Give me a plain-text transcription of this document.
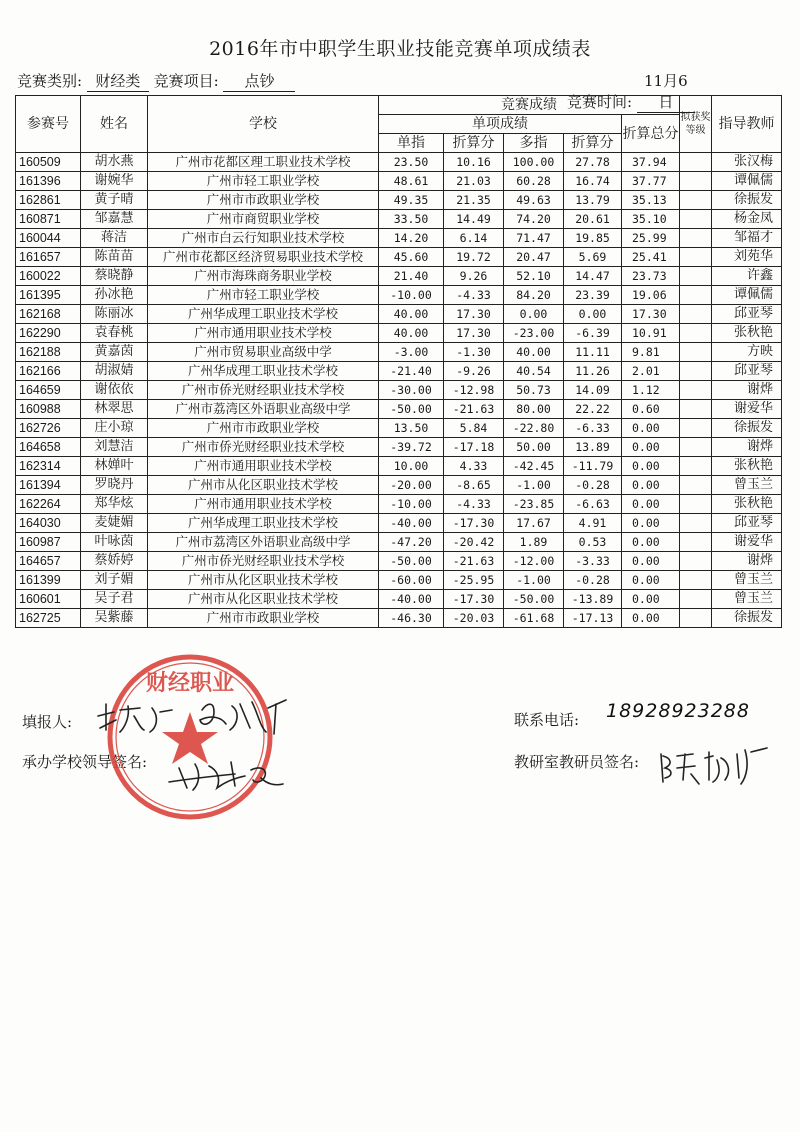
2016年市中职学生职业技能竞赛单项成绩表
竞赛类别: 财经类 竞赛项目: 点钞
竞赛时间: 11月6日
参赛号	姓名	学校	竞赛成绩					拟获奖等级	指导教师
			单项成绩				折算总分		
			单指	折算分	多指	折算分			
160509	胡水燕	广州市花都区理工职业技术学校	23.50	10.16	100.00	27.78	37.94		张汉梅
161396	谢婉华	广州市轻工职业学校	48.61	21.03	60.28	16.74	37.77		谭佩儒
162861	黄子晴	广州市市政职业学校	49.35	21.35	49.63	13.79	35.13		徐振发
160871	邹嘉慧	广州市商贸职业学校	33.50	14.49	74.20	20.61	35.10		杨金凤
160044	蒋洁	广州市白云行知职业技术学校	14.20	6.14	71.47	19.85	25.99		邹福才
161657	陈苗苗	广州市花都区经济贸易职业技术学校	45.60	19.72	20.47	5.69	25.41		刘苑华
160022	蔡晓静	广州市海珠商务职业学校	21.40	9.26	52.10	14.47	23.73		许鑫
161395	孙冰艳	广州市轻工职业学校	-10.00	-4.33	84.20	23.39	19.06		谭佩儒
162168	陈丽冰	广州华成理工职业技术学校	40.00	17.30	0.00	0.00	17.30		邱亚琴
162290	袁春桃	广州市通用职业技术学校	40.00	17.30	-23.00	-6.39	10.91		张秋艳
162188	黄嘉茵	广州市贸易职业高级中学	-3.00	-1.30	40.00	11.11	9.81		方映
162166	胡淑婧	广州华成理工职业技术学校	-21.40	-9.26	40.54	11.26	2.01		邱亚琴
164659	谢依依	广州市侨光财经职业技术学校	-30.00	-12.98	50.73	14.09	1.12		谢烨
160988	林翠思	广州市荔湾区外语职业高级中学	-50.00	-21.63	80.00	22.22	0.60		谢爱华
162726	庄小琼	广州市市政职业学校	13.50	5.84	-22.80	-6.33	0.00		徐振发
164658	刘慧洁	广州市侨光财经职业技术学校	-39.72	-17.18	50.00	13.89	0.00		谢烨
162314	林婵叶	广州市通用职业技术学校	10.00	4.33	-42.45	-11.79	0.00		张秋艳
161394	罗晓丹	广州市从化区职业技术学校	-20.00	-8.65	-1.00	-0.28	0.00		曾玉兰
162264	郑华炫	广州市通用职业技术学校	-10.00	-4.33	-23.85	-6.63	0.00		张秋艳
164030	麦婕媚	广州华成理工职业技术学校	-40.00	-17.30	17.67	4.91	0.00		邱亚琴
160987	叶咏茵	广州市荔湾区外语职业高级中学	-47.20	-20.42	1.89	0.53	0.00		谢爱华
164657	蔡娇婷	广州市侨光财经职业技术学校	-50.00	-21.63	-12.00	-3.33	0.00		谢烨
161399	刘子媚	广州市从化区职业技术学校	-60.00	-25.95	-1.00	-0.28	0.00		曾玉兰
160601	吴子君	广州市从化区职业技术学校	-40.00	-17.30	-50.00	-13.89	0.00		曾玉兰
162725	吴紫藤	广州市市政职业学校	-46.30	-20.03	-61.68	-17.13	0.00		徐振发
填报人:
承办学校领导签名:
联系电话: 18928923288
教研室教研员签名:
财经职业
